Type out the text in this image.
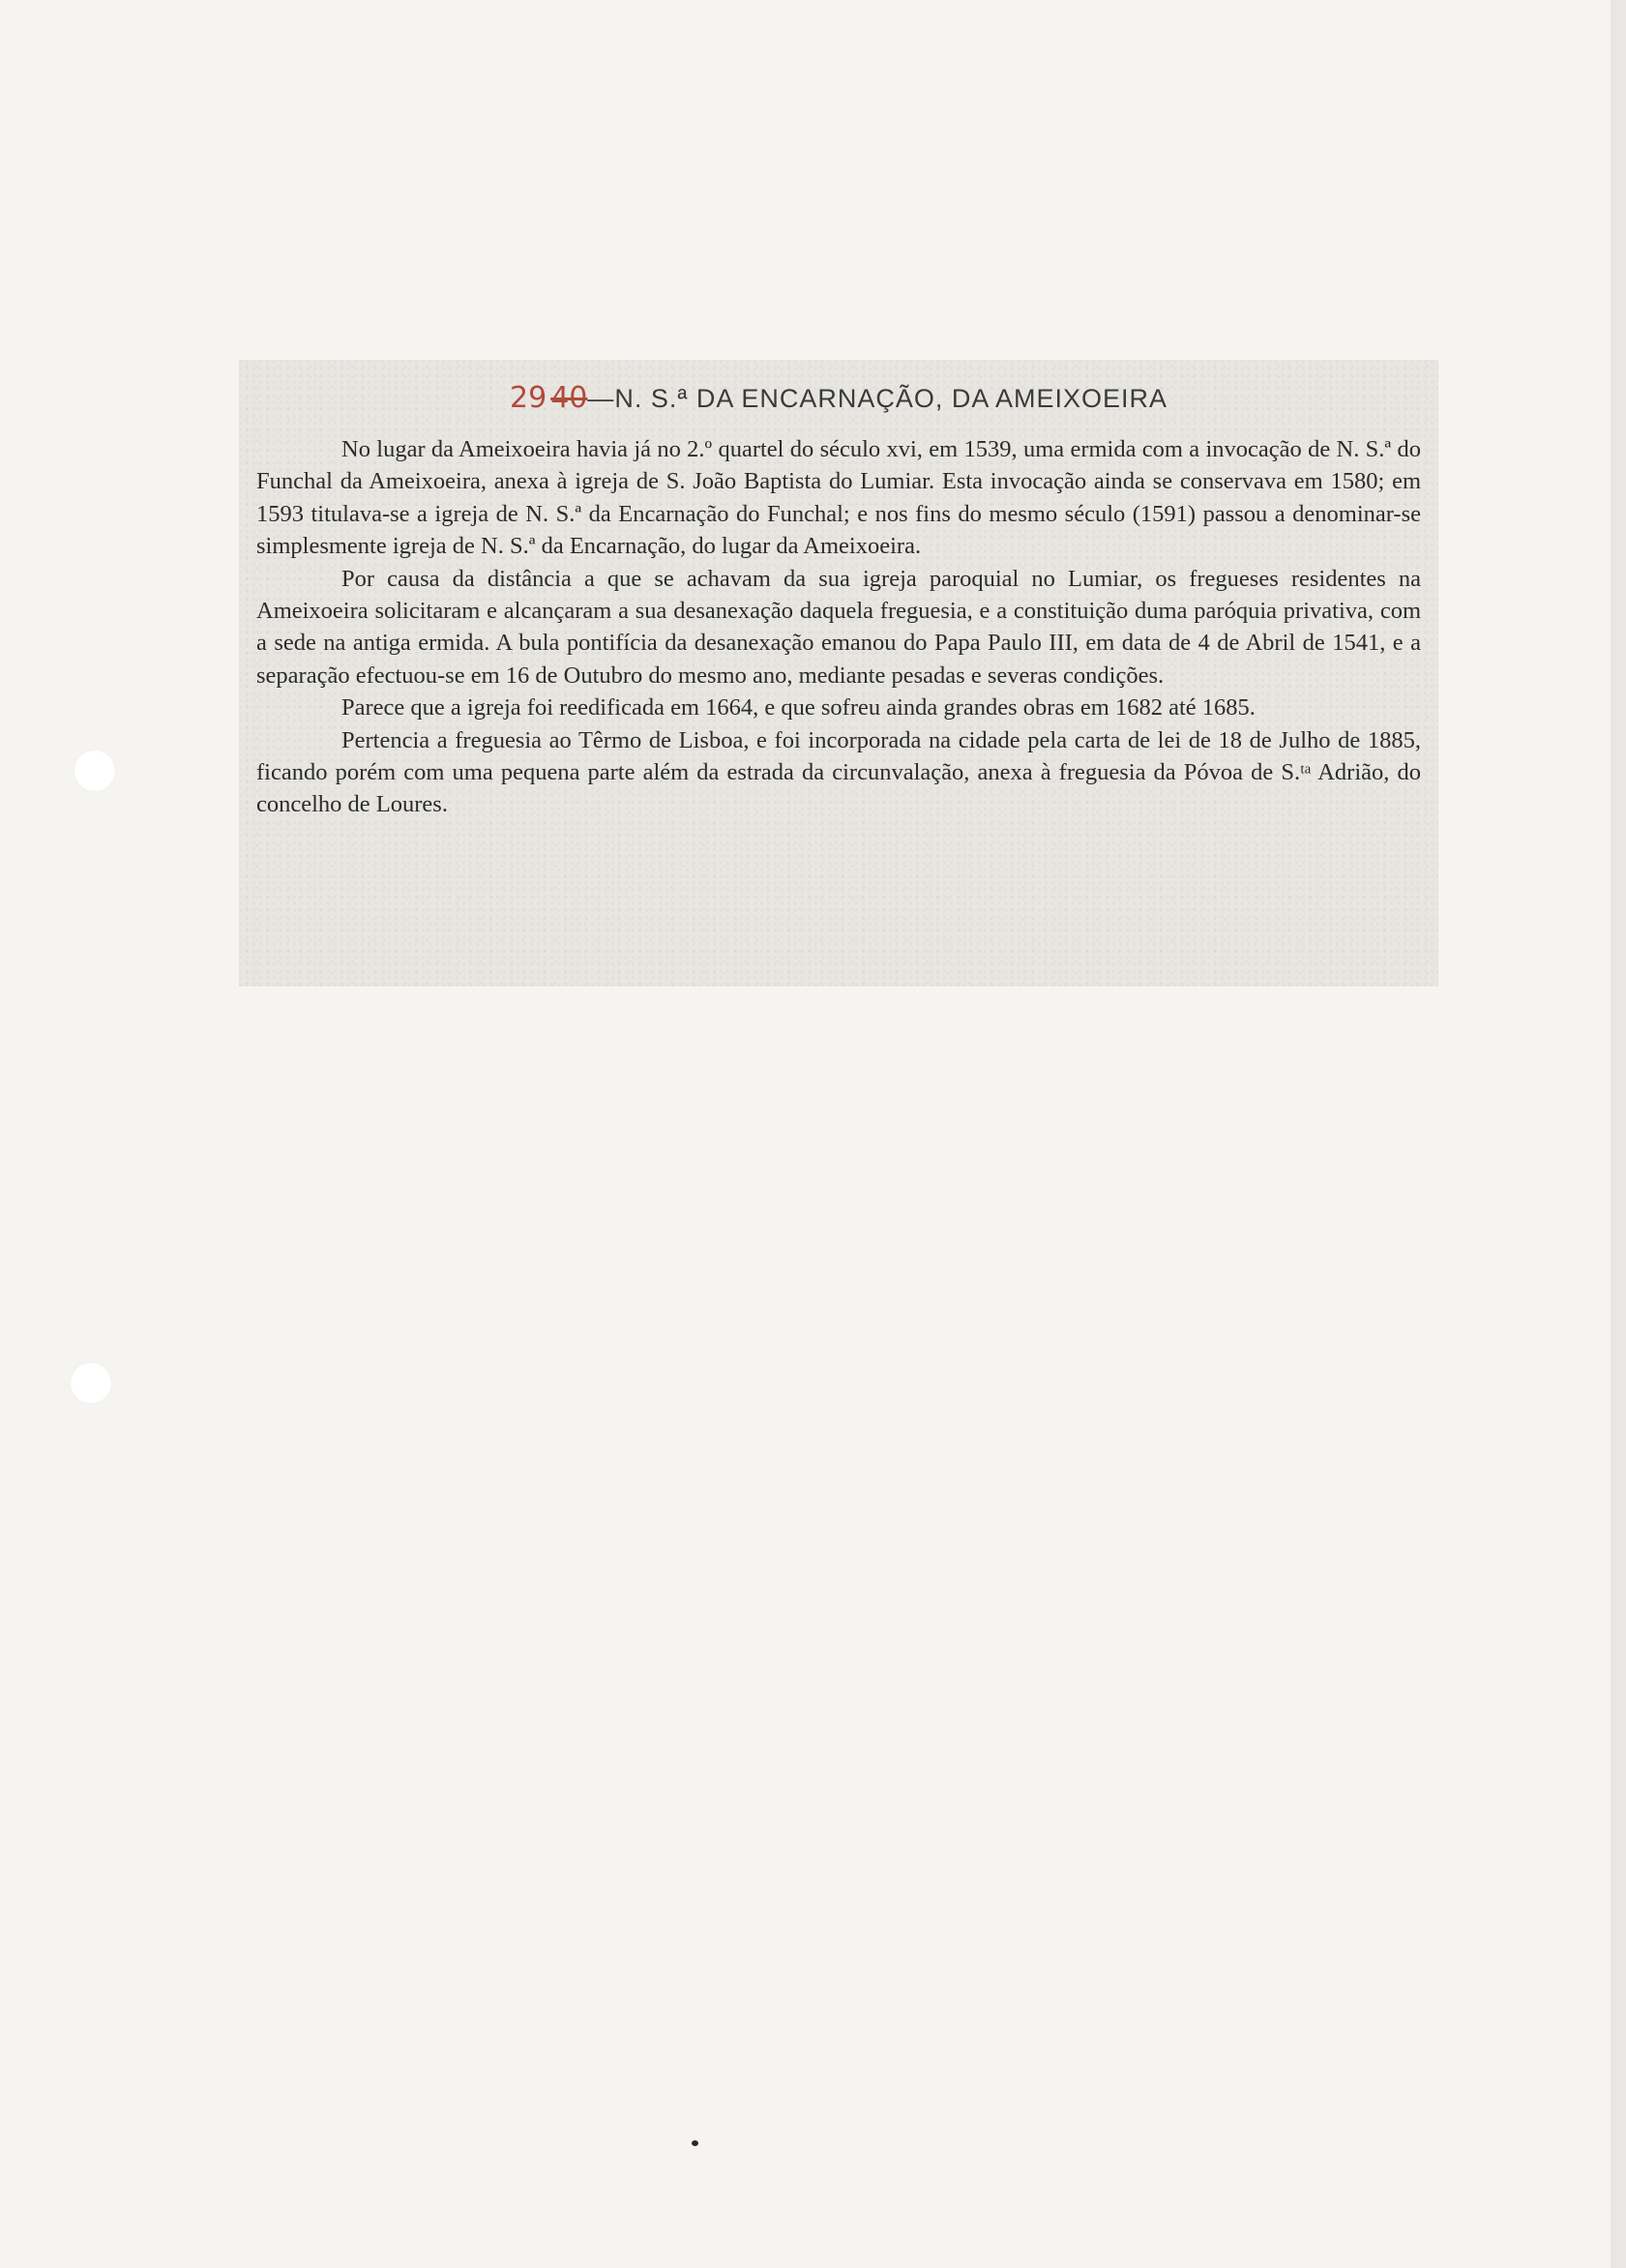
29 40—N. S.ª DA ENCARNAÇÃO, DA AMEIXOEIRA

No lugar da Ameixoeira havia já no 2.º quartel do século xvi, em 1539, uma ermida com a invocação de N. S.ª do Funchal da Ameixoeira, anexa à igreja de S. João Baptista do Lumiar. Esta invocação ainda se conservava em 1580; em 1593 titulava-se a igreja de N. S.ª da Encarnação do Funchal; e nos fins do mesmo século (1591) passou a denominar-se simplesmente igreja de N. S.ª da Encarnação, do lugar da Ameixoeira.

Por causa da distância a que se achavam da sua igreja paroquial no Lumiar, os fregueses residentes na Ameixoeira solicitaram e alcançaram a sua desanexação daquela freguesia, e a constituição duma paróquia privativa, com a sede na antiga ermida. A bula pontifícia da desanexação emanou do Papa Paulo III, em data de 4 de Abril de 1541, e a separação efectuou-se em 16 de Outubro do mesmo ano, mediante pesadas e severas condições.

Parece que a igreja foi reedificada em 1664, e que sofreu ainda grandes obras em 1682 até 1685.

Pertencia a freguesia ao Têrmo de Lisboa, e foi incorporada na cidade pela carta de lei de 18 de Julho de 1885, ficando porém com uma pequena parte além da estrada da circunvalação, anexa à freguesia da Póvoa de S.ᵗᵃ Adrião, do concelho de Loures.
